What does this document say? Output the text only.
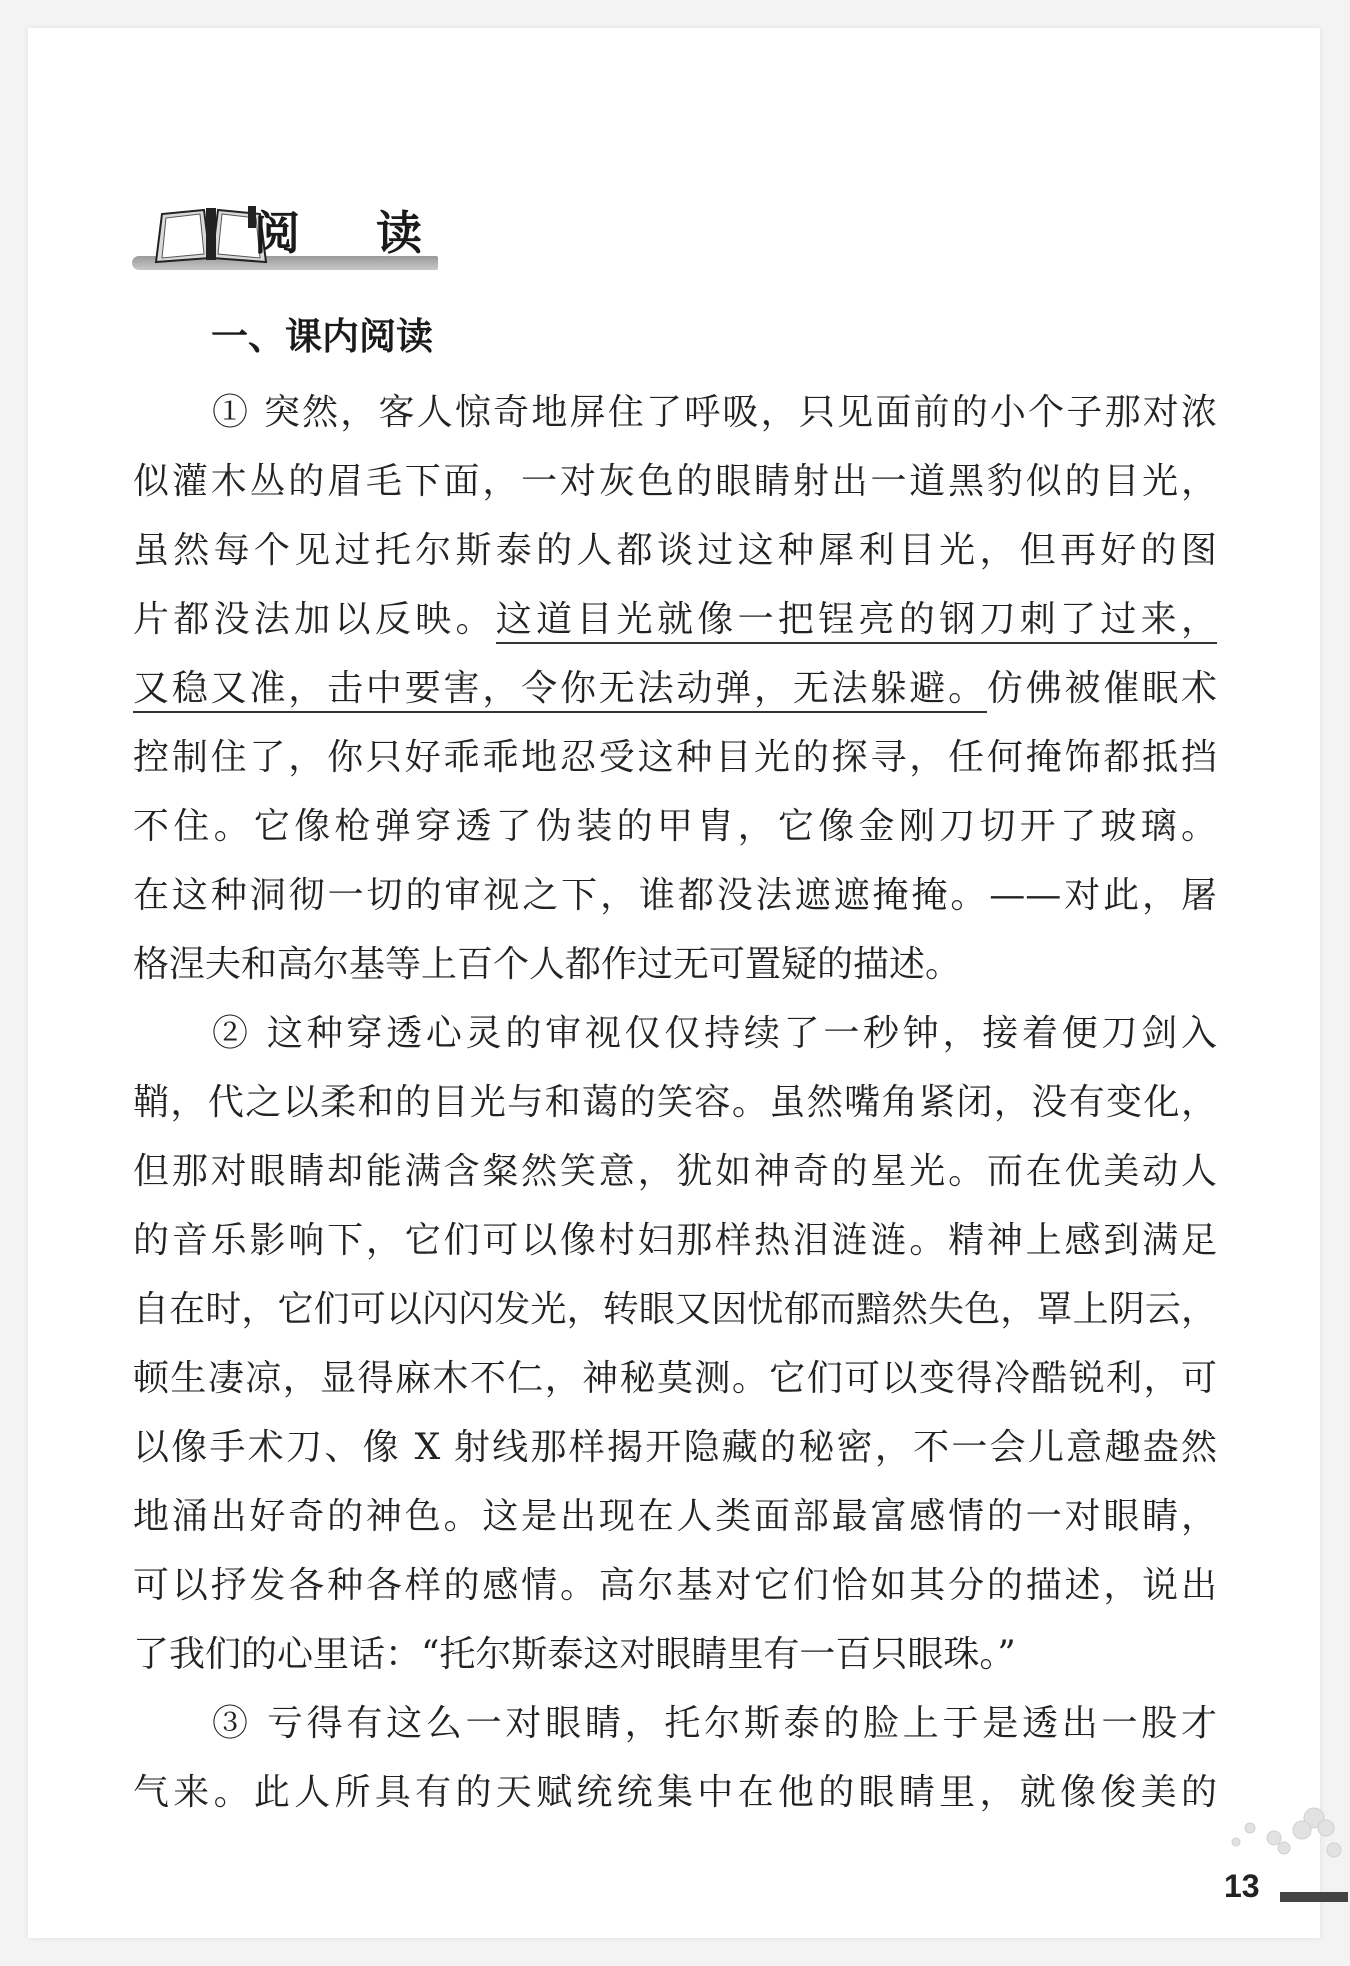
阅 读
一、课内阅读
① 突然，客人惊奇地屏住了呼吸，只见面前的小个子那对浓
似灌木丛的眉毛下面，一对灰色的眼睛射出一道黑豹似的目光，
虽然每个见过托尔斯泰的人都谈过这种犀利目光，但再好的图
片都没法加以反映。这道目光就像一把锃亮的钢刀刺了过来，
又稳又准，击中要害，令你无法动弹，无法躲避。仿佛被催眠术
控制住了，你只好乖乖地忍受这种目光的探寻，任何掩饰都抵挡
不住。它像枪弹穿透了伪装的甲胄，它像金刚刀切开了玻璃。
在这种洞彻一切的审视之下，谁都没法遮遮掩掩。——对此，屠
格涅夫和高尔基等上百个人都作过无可置疑的描述。
② 这种穿透心灵的审视仅仅持续了一秒钟，接着便刀剑入
鞘，代之以柔和的目光与和蔼的笑容。虽然嘴角紧闭，没有变化，
但那对眼睛却能满含粲然笑意，犹如神奇的星光。而在优美动人
的音乐影响下，它们可以像村妇那样热泪涟涟。精神上感到满足
自在时，它们可以闪闪发光，转眼又因忧郁而黯然失色，罩上阴云，
顿生凄凉，显得麻木不仁，神秘莫测。它们可以变得冷酷锐利，可
以像手术刀、像 X 射线那样揭开隐藏的秘密，不一会儿意趣盎然
地涌出好奇的神色。这是出现在人类面部最富感情的一对眼睛，
可以抒发各种各样的感情。高尔基对它们恰如其分的描述，说出
了我们的心里话：“托尔斯泰这对眼睛里有一百只眼珠。”
③ 亏得有这么一对眼睛，托尔斯泰的脸上于是透出一股才
气来。此人所具有的天赋统统集中在他的眼睛里，就像俊美的
13
